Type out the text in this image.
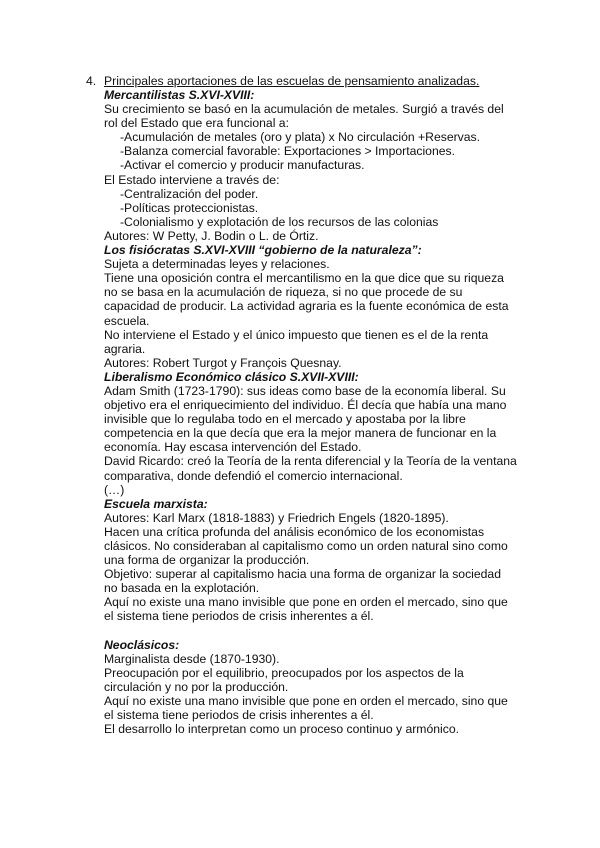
4. Principales aportaciones de las escuelas de pensamiento analizadas.
Mercantilistas S.XVI-XVIII:
Su crecimiento se basó en la acumulación de metales. Surgió a través del
rol del Estado que era funcional a:
-Acumulación de metales (oro y plata) x No circulación +Reservas.
-Balanza comercial favorable: Exportaciones > Importaciones.
-Activar el comercio y producir manufacturas.
El Estado interviene a través de:
-Centralización del poder.
-Políticas proteccionistas.
-Colonialismo y explotación de los recursos de las colonias
Autores: W Petty, J. Bodin o L. de Órtiz.
Los fisiócratas S.XVI-XVIII “gobierno de la naturaleza”:
Sujeta a determinadas leyes y relaciones.
Tiene una oposición contra el mercantilismo en la que dice que su riqueza
no se basa en la acumulación de riqueza, si no que procede de su
capacidad de producir. La actividad agraria es la fuente económica de esta
escuela.
No interviene el Estado y el único impuesto que tienen es el de la renta
agraria.
Autores: Robert Turgot y François Quesnay.
Liberalismo Económico clásico S.XVII-XVIII:
Adam Smith (1723-1790): sus ideas como base de la economía liberal. Su
objetivo era el enriquecimiento del individuo. Él decía que había una mano
invisible que lo regulaba todo en el mercado y apostaba por la libre
competencia en la que decía que era la mejor manera de funcionar en la
economía. Hay escasa intervención del Estado.
David Ricardo: creó la Teoría de la renta diferencial y la Teoría de la ventana
comparativa, donde defendió el comercio internacional.
(…)
Escuela marxista:
Autores: Karl Marx (1818-1883) y Friedrich Engels (1820-1895).
Hacen una crítica profunda del análisis económico de los economistas
clásicos. No consideraban al capitalismo como un orden natural sino como
una forma de organizar la producción.
Objetivo: superar al capitalismo hacia una forma de organizar la sociedad
no basada en la explotación.
Aquí no existe una mano invisible que pone en orden el mercado, sino que
el sistema tiene periodos de crisis inherentes a él.
Neoclásicos:
Marginalista desde (1870-1930).
Preocupación por el equilibrio, preocupados por los aspectos de la
circulación y no por la producción.
Aquí no existe una mano invisible que pone en orden el mercado, sino que
el sistema tiene periodos de crisis inherentes a él.
El desarrollo lo interpretan como un proceso continuo y armónico.
